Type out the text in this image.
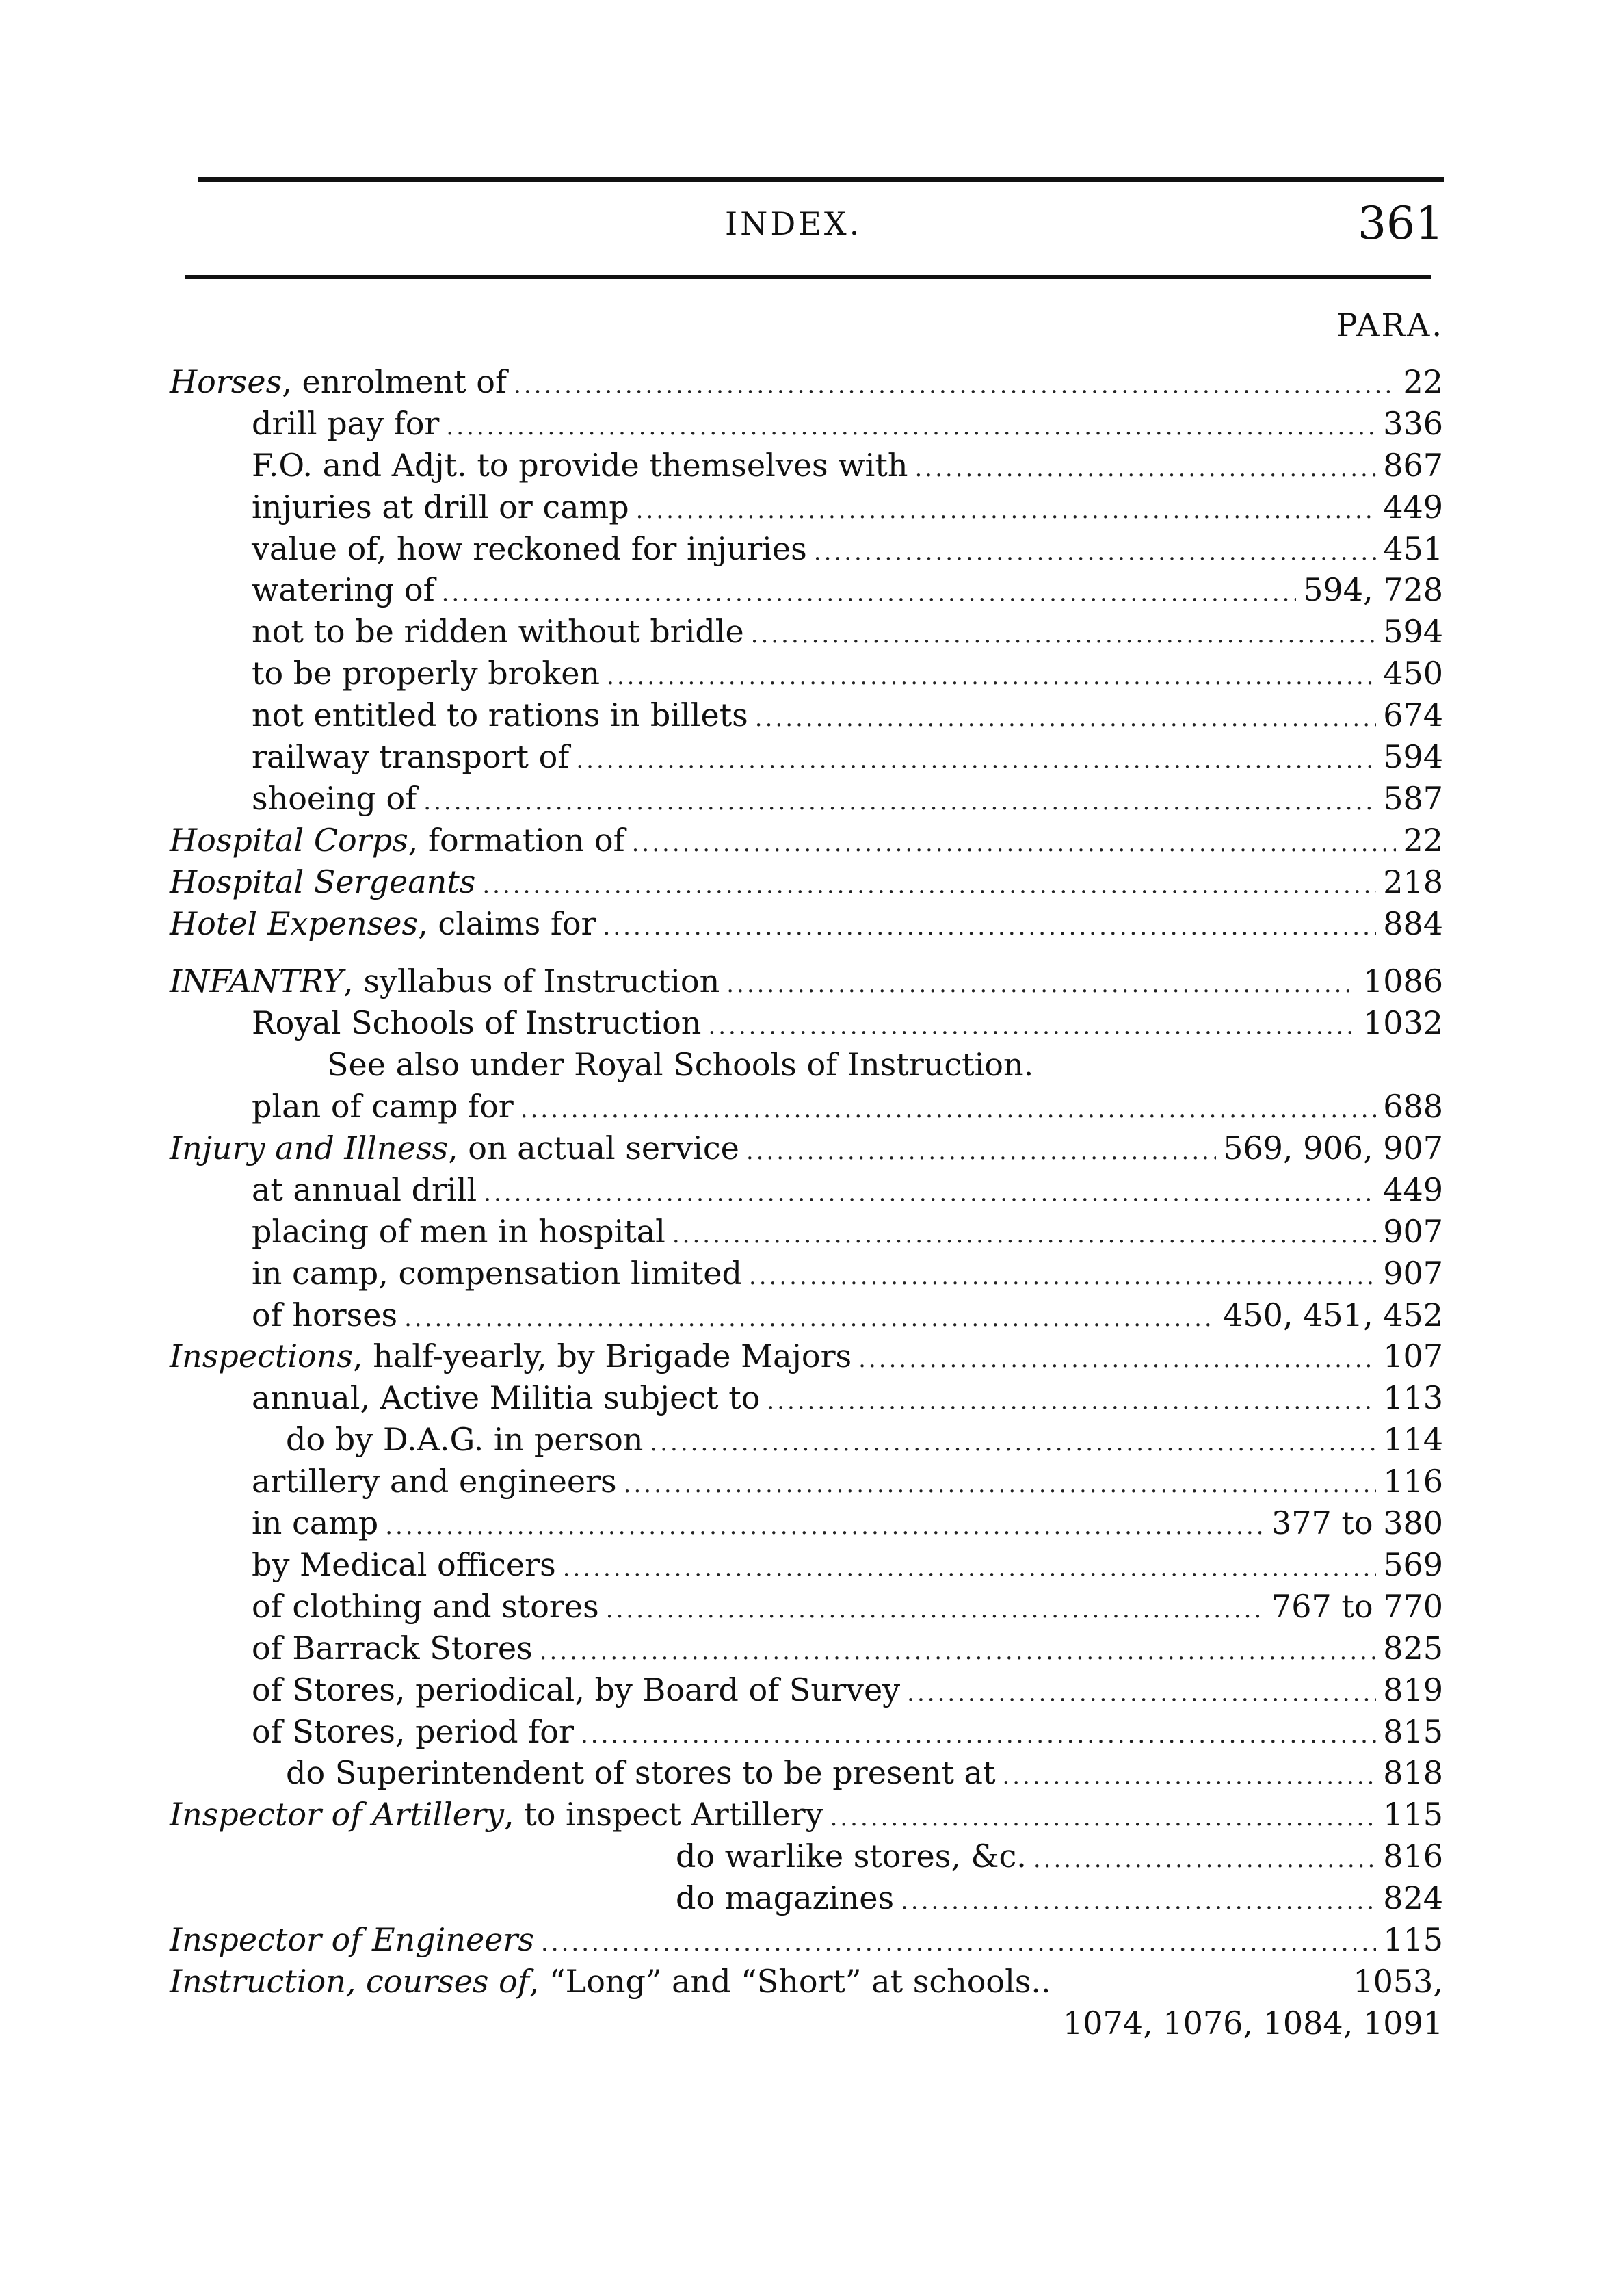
INDEX.	361
PARA.
Horses, enrolment of .....	22
drill pay for .....	336
F.O. and Adjt. to provide themselves with .....	867
injuries at drill or camp .....	449
value of, how reckoned for injuries .....	451
watering of .....	594, 728
not to be ridden without bridle .....	594
to be properly broken .....	450
not entitled to rations in billets .....	674
railway transport of .....	594
shoeing of .....	587
Hospital Corps, formation of .....	22
Hospital Sergeants .....	218
Hotel Expenses, claims for .....	884
INFANTRY, syllabus of Instruction .....	1086
Royal Schools of Instruction .....	1032
See also under Royal Schools of Instruction.
plan of camp for .....	688
Injury and Illness, on actual service .....	569, 906, 907
at annual drill .....	449
placing of men in hospital .....	907
in camp, compensation limited .....	907
of horses .....	450, 451, 452
Inspections, half-yearly, by Brigade Majors .....	107
annual, Active Militia subject to .....	113
do by D.A.G. in person .....	114
artillery and engineers .....	116
in camp .....	377 to 380
by Medical officers .....	569
of clothing and stores .....	767 to 770
of Barrack Stores .....	825
of Stores, periodical, by Board of Survey .....	819
of Stores, period for .....	815
do Superintendent of stores to be present at .....	818
Inspector of Artillery, to inspect Artillery .....	115
do warlike stores, &c. .....	816
do magazines .....	824
Inspector of Engineers .....	115
Instruction, courses of, “Long” and “Short” at schools..	1053,
1074, 1076, 1084, 1091
